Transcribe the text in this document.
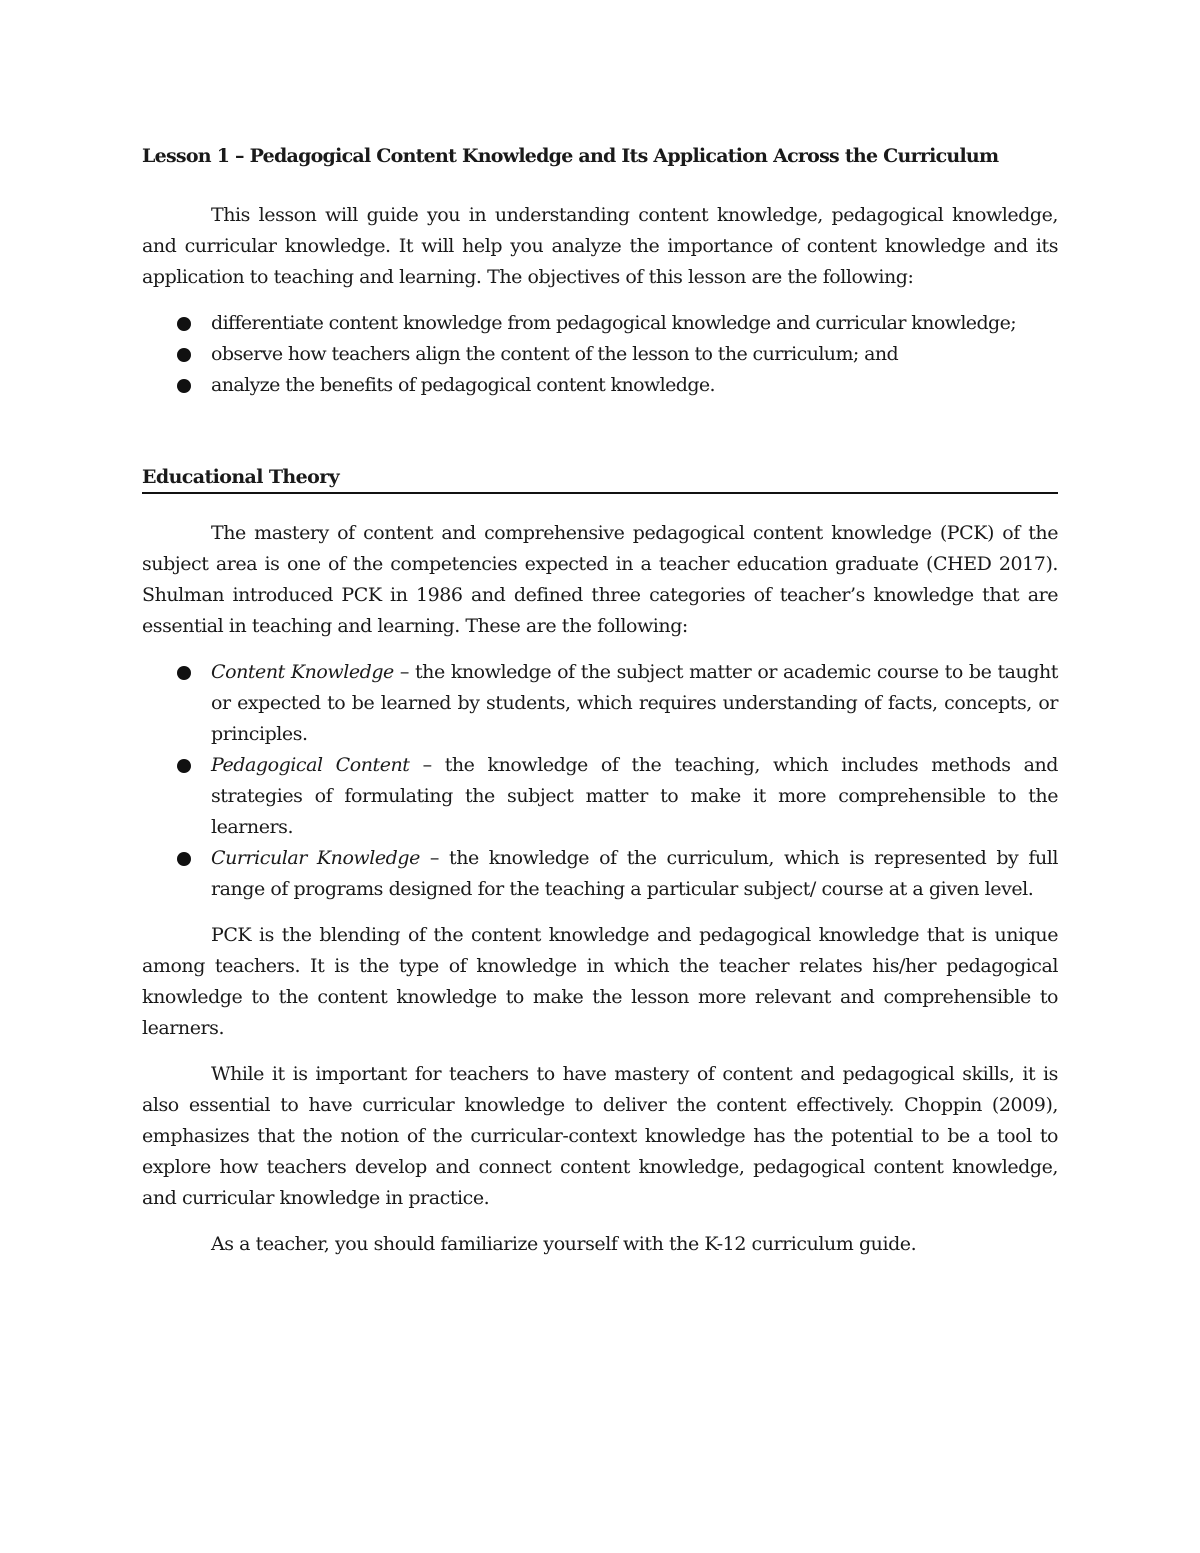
Lesson 1 – Pedagogical Content Knowledge and Its Application Across the Curriculum

This lesson will guide you in understanding content knowledge, pedagogical knowledge, and curricular knowledge. It will help you analyze the importance of content knowledge and its application to teaching and learning. The objectives of this lesson are the following:

differentiate content knowledge from pedagogical knowledge and curricular knowledge;
observe how teachers align the content of the lesson to the curriculum; and
analyze the benefits of pedagogical content knowledge.
Educational Theory

The mastery of content and comprehensive pedagogical content knowledge (PCK) of the subject area is one of the competencies expected in a teacher education graduate (CHED 2017). Shulman introduced PCK in 1986 and defined three categories of teacher’s knowledge that are essential in teaching and learning. These are the following:

Content Knowledge – the knowledge of the subject matter or academic course to be taught or expected to be learned by students, which requires understanding of facts, concepts, or principles.
Pedagogical Content – the knowledge of the teaching, which includes methods and strategies of formulating the subject matter to make it more comprehensible to the learners.
Curricular Knowledge – the knowledge of the curriculum, which is represented by full range of programs designed for the teaching a particular subject/ course at a given level.

PCK is the blending of the content knowledge and pedagogical knowledge that is unique among teachers. It is the type of knowledge in which the teacher relates his/her pedagogical knowledge to the content knowledge to make the lesson more relevant and comprehensible to learners.

While it is important for teachers to have mastery of content and pedagogical skills, it is also essential to have curricular knowledge to deliver the content effectively. Choppin (2009), emphasizes that the notion of the curricular-context knowledge has the potential to be a tool to explore how teachers develop and connect content knowledge, pedagogical content knowledge, and curricular knowledge in practice.

As a teacher, you should familiarize yourself with the K-12 curriculum guide.
